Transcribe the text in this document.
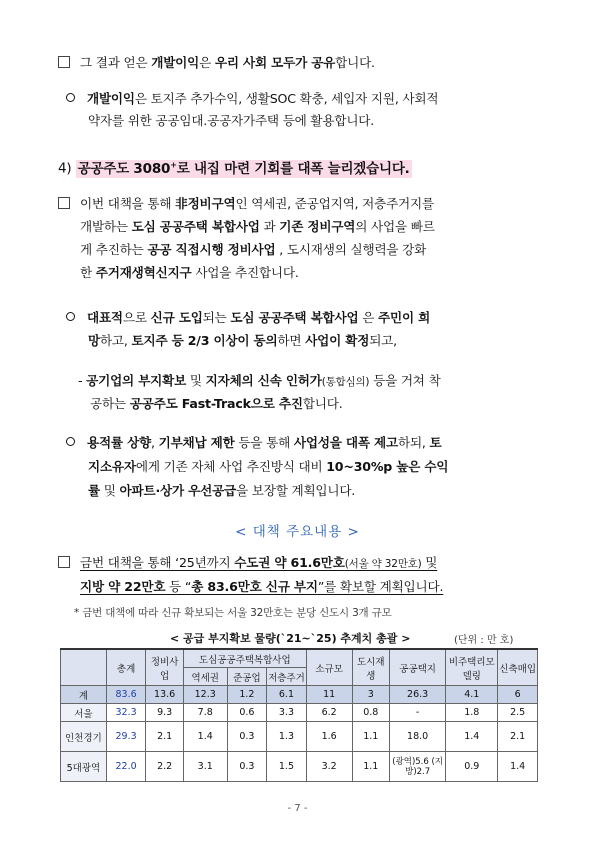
그 결과 얻은 개발이익은 우리 사회 모두가 공유합니다.
개발이익은 토지주 추가수익, 생활SOC 확충, 세입자 지원, 사회적
약자를 위한 공공임대.공공자가주택 등에 활용합니다.
4) 공공주도 3080+로 내집 마련 기회를 대폭 늘리겠습니다.
이번 대책을 통해 非정비구역인 역세권, 준공업지역, 저층주거지를
개발하는 도심 공공주택 복합사업 과 기존 정비구역의 사업을 빠르
게 추진하는 공공 직접시행 정비사업 , 도시재생의 실행력을 강화
한 주거재생혁신지구 사업을 추진합니다.
대표적으로 신규 도입되는 도심 공공주택 복합사업 은 주민이 희
망하고, 토지주 등 2/3 이상이 동의하면 사업이 확정되고,
- 공기업의 부지확보 및 지자체의 신속 인허가(통합심의) 등을 거쳐 착
공하는 공공주도 Fast-Track으로 추진합니다.
용적률 상향, 기부채납 제한 등을 통해 사업성을 대폭 제고하되, 토
지소유자에게 기존 자체 사업 추진방식 대비 10~30%p 높은 수익
률 및 아파트·상가 우선공급을 보장할 계획입니다.
< 대책 주요내용 >
금번 대책을 통해 ‘25년까지 수도권 약 61.6만호(서울 약 32만호) 및
지방 약 22만호 등 “총 83.6만호 신규 부지”를 확보할 계획입니다.
* 금번 대책에 따라 신규 확보되는 서울 32만호는 분당 신도시 3개 규모
< 공급 부지확보 물량(`21~`25) 추계치 총괄 >	(단위 : 만 호)
	총계	정비사업	도심공공주택복합사업			소규모	도시재생	공공택지	비주택리모델링	신축매입
			역세권	준공업	저층주거					
계	83.6	13.6	12.3	1.2	6.1	11	3	26.3	4.1	6
서울	32.3	9.3	7.8	0.6	3.3	6.2	0.8	-	1.8	2.5
인천경기	29.3	2.1	1.4	0.3	1.3	1.6	1.1	18.0	1.4	2.1
5대광역	22.0	2.2	3.1	0.3	1.5	3.2	1.1	(광역)5.6 (지방)2.7	0.9	1.4
- 7 -
